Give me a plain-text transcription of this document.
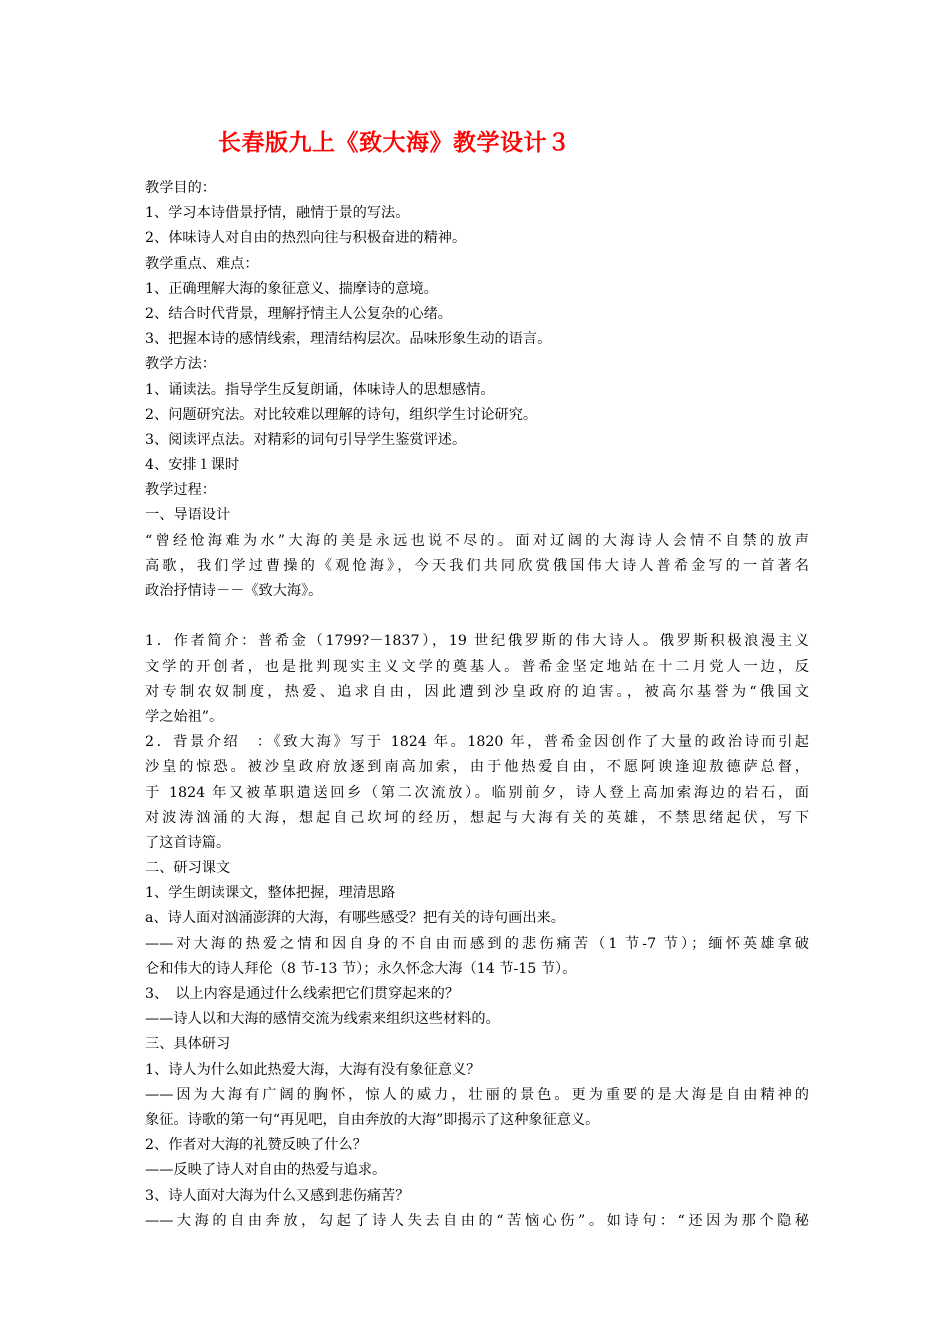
长春版九上《致大海》教学设计３
教学目的：
1、学习本诗借景抒情，融情于景的写法。
2、体味诗人对自由的热烈向往与积极奋进的精神。
教学重点、难点：
1、正确理解大海的象征意义、揣摩诗的意境。
2、结合时代背景，理解抒情主人公复杂的心绪。
3、把握本诗的感情线索，理清结构层次。品味形象生动的语言。
教学方法：
1、诵读法。指导学生反复朗诵，体味诗人的思想感情。
2、问题研究法。对比较难以理解的诗句，组织学生讨论研究。
3、阅读评点法。对精彩的词句引导学生鉴赏评述。
4、安排１课时
教学过程：
一、导语设计
“曾经怆海难为水”大海的美是永远也说不尽的。面对辽阔的大海诗人会情不自禁的放声
高歌，我们学过曹操的《观怆海》，今天我们共同欣赏俄国伟大诗人普希金写的一首著名
政治抒情诗－－《致大海》。
1．作者简介：普希金（1799?－1837），19 世纪俄罗斯的伟大诗人。俄罗斯积极浪漫主义
文学的开创者，也是批判现实主义文学的奠基人。普希金坚定地站在十二月党人一边，反
对专制农奴制度，热爱、追求自由，因此遭到沙皇政府的迫害。，被高尔基誉为“俄国文
学之始祖”。
2．背景介绍　：《致大海》写于 1824 年。1820 年，普希金因创作了大量的政治诗而引起
沙皇的惊恐。被沙皇政府放逐到南高加索，由于他热爱自由，不愿阿谀逢迎敖德萨总督，
于 1824 年又被革职遣送回乡（第二次流放）。临别前夕，诗人登上高加索海边的岩石，面
对波涛汹涌的大海，想起自己坎坷的经历，想起与大海有关的英雄，不禁思绪起伏，写下
了这首诗篇。
二、研习课文
1、学生朗读课文，整体把握，理清思路
a、诗人面对汹涌澎湃的大海，有哪些感受？把有关的诗句画出来。
——对大海的热爱之情和因自身的不自由而感到的悲伤痛苦（1 节-7 节）；缅怀英雄拿破
仑和伟大的诗人拜伦（8 节-13 节）；永久怀念大海（14 节-15 节）。
3、　以上内容是通过什么线索把它们贯穿起来的？
——诗人以和大海的感情交流为线索来组织这些材料的。
三、具体研习
1、诗人为什么如此热爱大海，大海有没有象征意义？
——因为大海有广阔的胸怀，惊人的威力，壮丽的景色。更为重要的是大海是自由精神的
象征。诗歌的第一句“再见吧，自由奔放的大海”即揭示了这种象征意义。
2、作者对大海的礼赞反映了什么？
——反映了诗人对自由的热爱与追求。
3、诗人面对大海为什么又感到悲伤痛苦？
——大海的自由奔放，勾起了诗人失去自由的“苦恼心伤”。如诗句：“还因为那个隐秘
